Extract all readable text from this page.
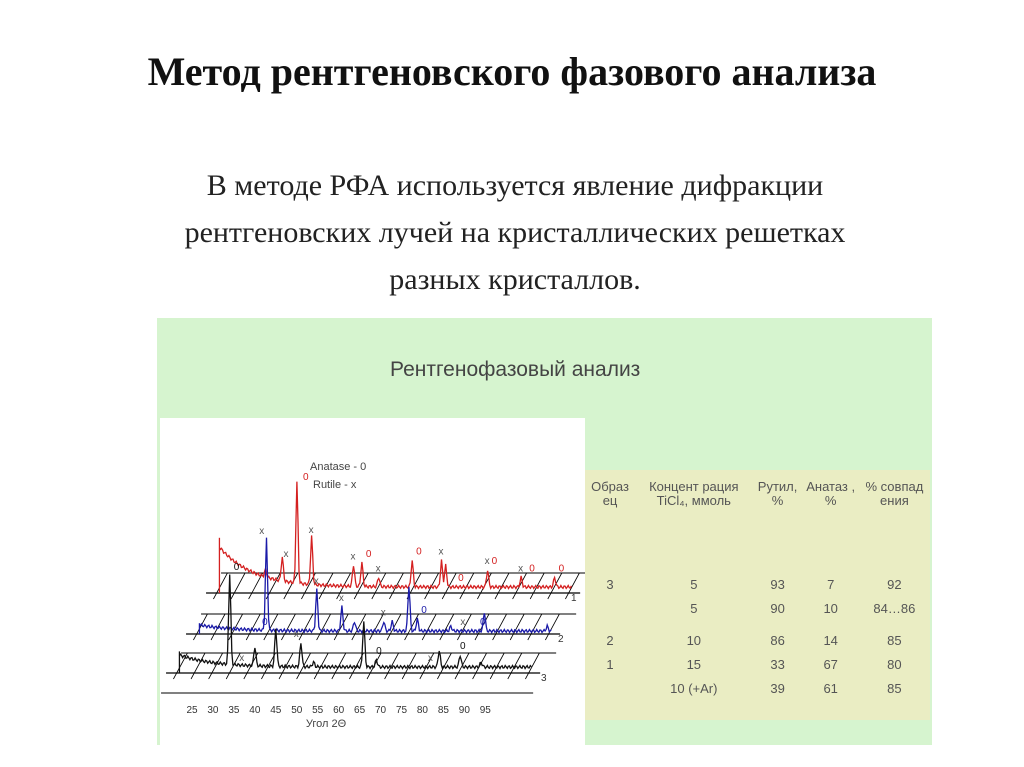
Метод рентгеновского фазового анализа
В методе РФА используется явление дифракции
рентгеновских лучей на кристаллических решетках
разных кристаллов.
Рентгенофазовый анализ
0
x
x
x 0
x
0 x
0
0
x
x 0 0
1
0
x
x
x
x	0
x 0
2
0
x
x
0
x
0
3
25 30 35 40 45 50 55 60 65 70 75 80 85 90 95
Угол 2Θ
Anatase - 0
Rutile - x	Образ ец	Концент рация TiCl₄, ммоль	Рутил, %	Анатаз , %	% совпад ения
3	5	93	7	92
	5	90	10	84…86
2	10	86	14	85
1	15	33	67	80
	10 (+Ar)	39	61	85
